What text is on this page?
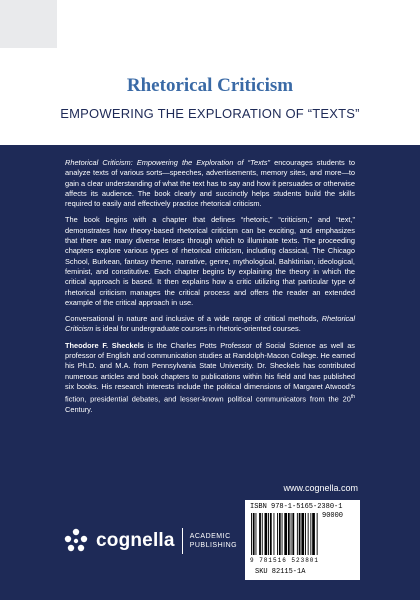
Rhetorical Criticism
EMPOWERING THE EXPLORATION OF “TEXTS”

Rhetorical Criticism: Empowering the Exploration of “Texts” encourages students to analyze texts of various sorts—speeches, advertisements, memory sites, and more—to gain a clear understanding of what the text has to say and how it persuades or otherwise affects its audience. The book clearly and succinctly helps students build the skills required to easily and effectively practice rhetorical criticism.

The book begins with a chapter that defines “rhetoric,” “criticism,” and “text,” demonstrates how theory-based rhetorical criticism can be exciting, and emphasizes that there are many diverse lenses through which to illuminate texts. The proceeding chapters explore various types of rhetorical criticism, including classical, The Chicago School, Burkean, fantasy theme, narrative, genre, mythological, Bahktinian, ideological, feminist, and constitutive. Each chapter begins by explaining the theory in which the critical approach is based. It then explains how a critic utilizing that particular type of rhetorical criticism manages the critical process and offers the reader an extended example of the critical approach in use.

Conversational in nature and inclusive of a wide range of critical methods, Rhetorical Criticism is ideal for undergraduate courses in rhetoric-oriented courses.

Theodore F. Sheckels is the Charles Potts Professor of Social Science as well as professor of English and communication studies at Randolph-Macon College. He earned his Ph.D. and M.A. from Pennsylvania State University. Dr. Sheckels has contributed numerous articles and book chapters to publications within his field and has published six books. His research interests include the political dimensions of Margaret Atwood’s fiction, presidential debates, and lesser-known political communicators from the 20th Century.

www.cognella.com
cognella ACADEMIC
PUBLISHING
ISBN 978-1-5165-2380-1
90000
9 781516 523801
SKU 82115-1A
